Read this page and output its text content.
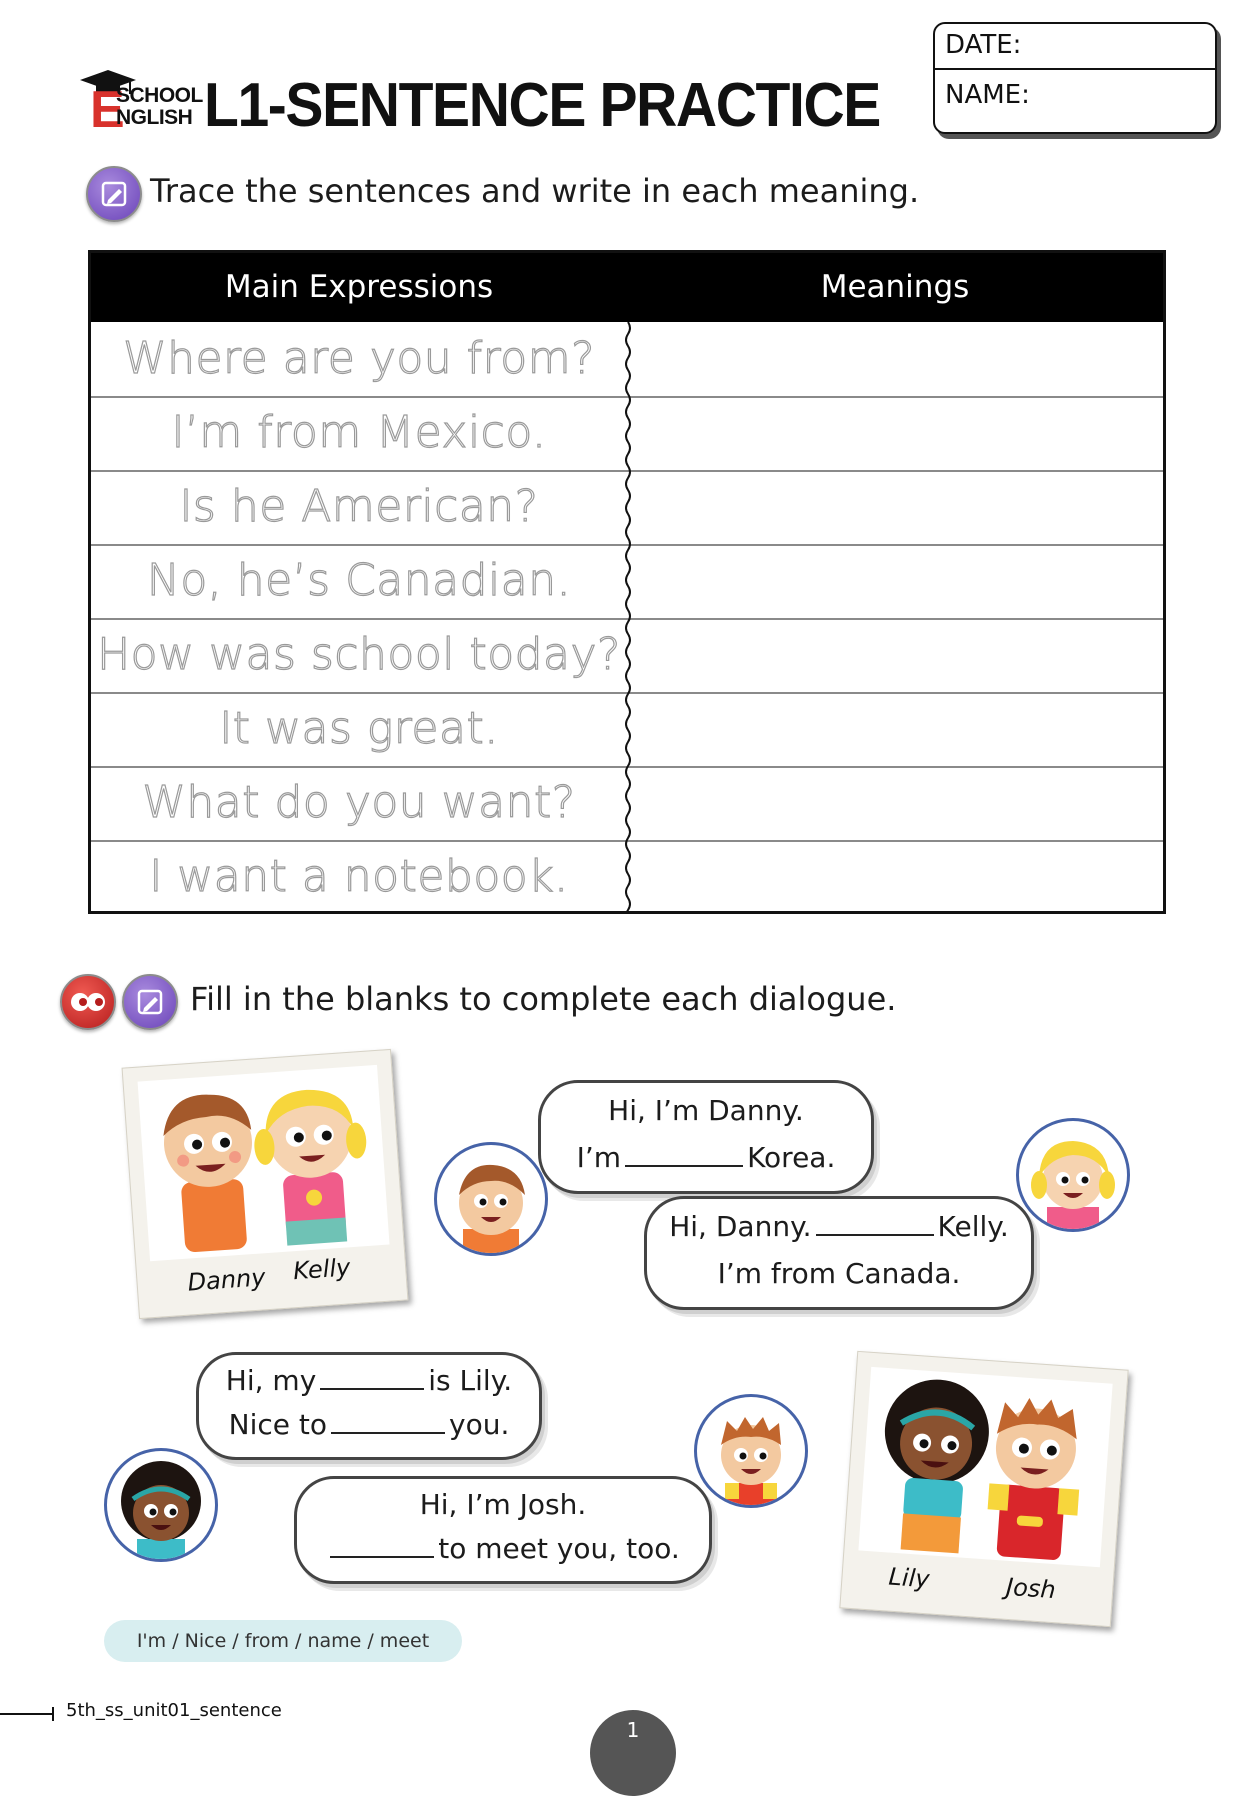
E
SCHOOL
NGLISH L1-SENTENCE PRACTICE
DATE:
NAME:
Trace the sentences and write in each meaning.
Main Expressions	Meanings
Where are you from?
I’m from Mexico.
Is he American?
No, he’s Canadian.
How was school today?
It was great.
What do you want?
I want a notebook.
Fill in the blanks to complete each dialogue.
Danny Kelly
Hi, I’m Danny.
I’m	Korea.
Hi, Danny.	Kelly.
I’m from Canada.
Hi, my	is Lily.
Nice to	you.
Hi, I’m Josh.
to meet you, too.
Lily	Josh
I'm / Nice / from / name / meet
5th_ss_unit01_sentence
1
